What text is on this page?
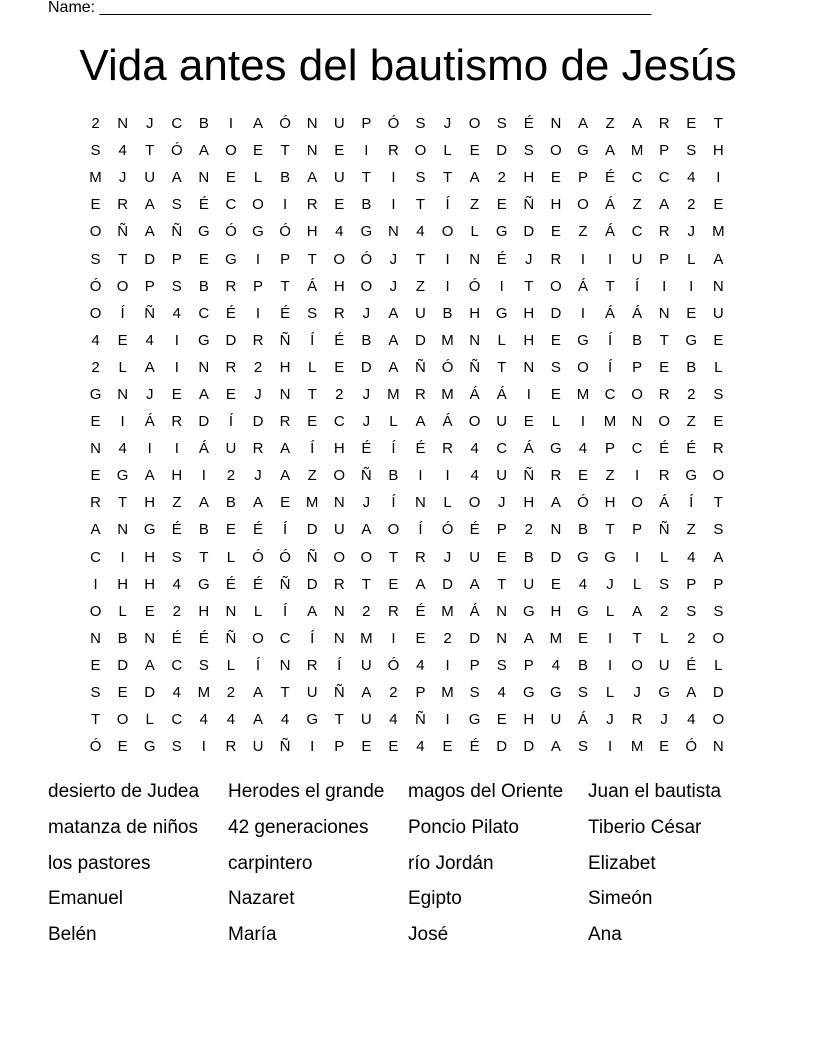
Name: ______________________________________________________________
Vida antes del bautismo de Jesús
2	N	J	C	B	I	A	Ó	N	U	P	Ó	S	J	O	S	É	N	A	Z	A	R	E	T
S	4	T	Ó	A	O	E	T	N	E	I	R	O	L	E	D	S	O	G	A	M	P	S	H
M	J	U	A	N	E	L	B	A	U	T	I	S	T	A	2	H	E	P	É	C	C	4	I
E	R	A	S	É	C	O	I	R	E	B	I	T	Í	Z	E	Ñ	H	O	Á	Z	A	2	E
O	Ñ	A	Ñ	G	Ó	G	Ó	H	4	G	N	4	O	L	G	D	E	Z	Á	C	R	J	M
S	T	D	P	E	G	I	P	T	O	Ó	J	T	I	N	É	J	R	I	I	U	P	L	A
Ó	O	P	S	B	R	P	T	Á	H	O	J	Z	I	Ó	I	T	O	Á	T	Í	I	I	N
O	Í	Ñ	4	C	É	I	É	S	R	J	A	U	B	H	G	H	D	I	Á	Á	N	E	U
4	E	4	I	G	D	R	Ñ	Í	É	B	A	D	M	N	L	H	E	G	Í	B	T	G	E
2	L	A	I	N	R	2	H	L	E	D	A	Ñ	Ó	Ñ	T	N	S	O	Í	P	E	B	L
G	N	J	E	A	E	J	N	T	2	J	M	R	M	Á	Á	I	E	M	C	O	R	2	S
E	I	Á	R	D	Í	D	R	E	C	J	L	A	Á	O	U	E	L	I	M	N	O	Z	E
N	4	I	I	Á	U	R	A	Í	H	É	Í	É	R	4	C	Á	G	4	P	C	É	É	R
E	G	A	H	I	2	J	A	Z	O	Ñ	B	I	I	4	U	Ñ	R	E	Z	I	R	G	O
R	T	H	Z	A	B	A	E	M	N	J	Í	N	L	O	J	H	A	Ó	H	O	Á	Í	T
A	N	G	É	B	E	É	Í	D	U	A	O	Í	Ó	É	P	2	N	B	T	P	Ñ	Z	S
C	I	H	S	T	L	Ó	Ó	Ñ	O	O	T	R	J	U	E	B	D	G	G	I	L	4	A
I	H	H	4	G	É	É	Ñ	D	R	T	E	A	D	A	T	U	E	4	J	L	S	P	P
O	L	E	2	H	N	L	Í	A	N	2	R	É	M	Á	N	G	H	G	L	A	2	S	S
N	B	N	É	É	Ñ	O	C	Í	N	M	I	E	2	D	N	A	M	E	I	T	L	2	O
E	D	A	C	S	L	Í	N	R	Í	U	Ó	4	I	P	S	P	4	B	I	O	U	É	L
S	E	D	4	M	2	A	T	U	Ñ	A	2	P	M	S	4	G	G	S	L	J	G	A	D
T	O	L	C	4	4	A	4	G	T	U	4	Ñ	I	G	E	H	U	Á	J	R	J	4	O
Ó	E	G	S	I	R	U	Ñ	I	P	E	E	4	E	É	D	D	A	S	I	M	E	Ó	N
desierto de Judea	Herodes el grande	magos del Oriente	Juan el bautista
matanza de niños	42 generaciones	Poncio Pilato	Tiberio César
los pastores	carpintero	río Jordán	Elizabet
Emanuel	Nazaret	Egipto	Simeón
Belén	María	José	Ana
